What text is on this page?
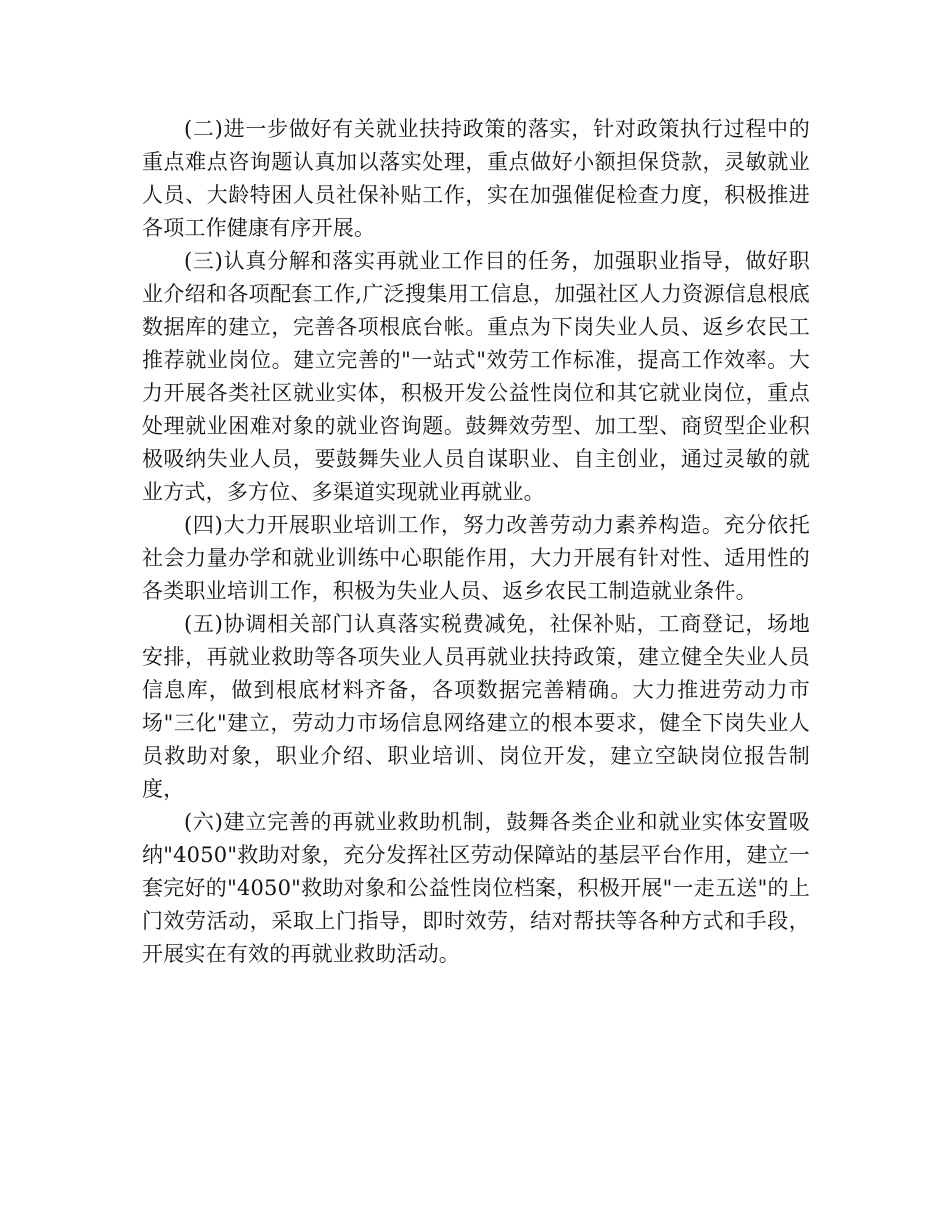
(二)进一步做好有关就业扶持政策的落实，针对政策执行过程中的重点难点咨询题认真加以落实处理，重点做好小额担保贷款，灵敏就业人员、大龄特困人员社保补贴工作，实在加强催促检查力度，积极推进各项工作健康有序开展。

(三)认真分解和落实再就业工作目的任务，加强职业指导，做好职业介绍和各项配套工作,广泛搜集用工信息，加强社区人力资源信息根底数据库的建立，完善各项根底台帐。重点为下岗失业人员、返乡农民工推荐就业岗位。建立完善的"一站式"效劳工作标准，提高工作效率。大力开展各类社区就业实体，积极开发公益性岗位和其它就业岗位，重点处理就业困难对象的就业咨询题。鼓舞效劳型、加工型、商贸型企业积极吸纳失业人员，要鼓舞失业人员自谋职业、自主创业，通过灵敏的就业方式，多方位、多渠道实现就业再就业。

(四)大力开展职业培训工作，努力改善劳动力素养构造。充分依托社会力量办学和就业训练中心职能作用，大力开展有针对性、适用性的各类职业培训工作，积极为失业人员、返乡农民工制造就业条件。

(五)协调相关部门认真落实税费减免，社保补贴，工商登记，场地安排，再就业救助等各项失业人员再就业扶持政策，建立健全失业人员信息库，做到根底材料齐备，各项数据完善精确。大力推进劳动力市场"三化"建立，劳动力市场信息网络建立的根本要求，健全下岗失业人员救助对象，职业介绍、职业培训、岗位开发，建立空缺岗位报告制度，

(六)建立完善的再就业救助机制，鼓舞各类企业和就业实体安置吸纳"4050"救助对象，充分发挥社区劳动保障站的基层平台作用，建立一套完好的"4050"救助对象和公益性岗位档案，积极开展"一走五送"的上门效劳活动，采取上门指导，即时效劳，结对帮扶等各种方式和手段，开展实在有效的再就业救助活动。
